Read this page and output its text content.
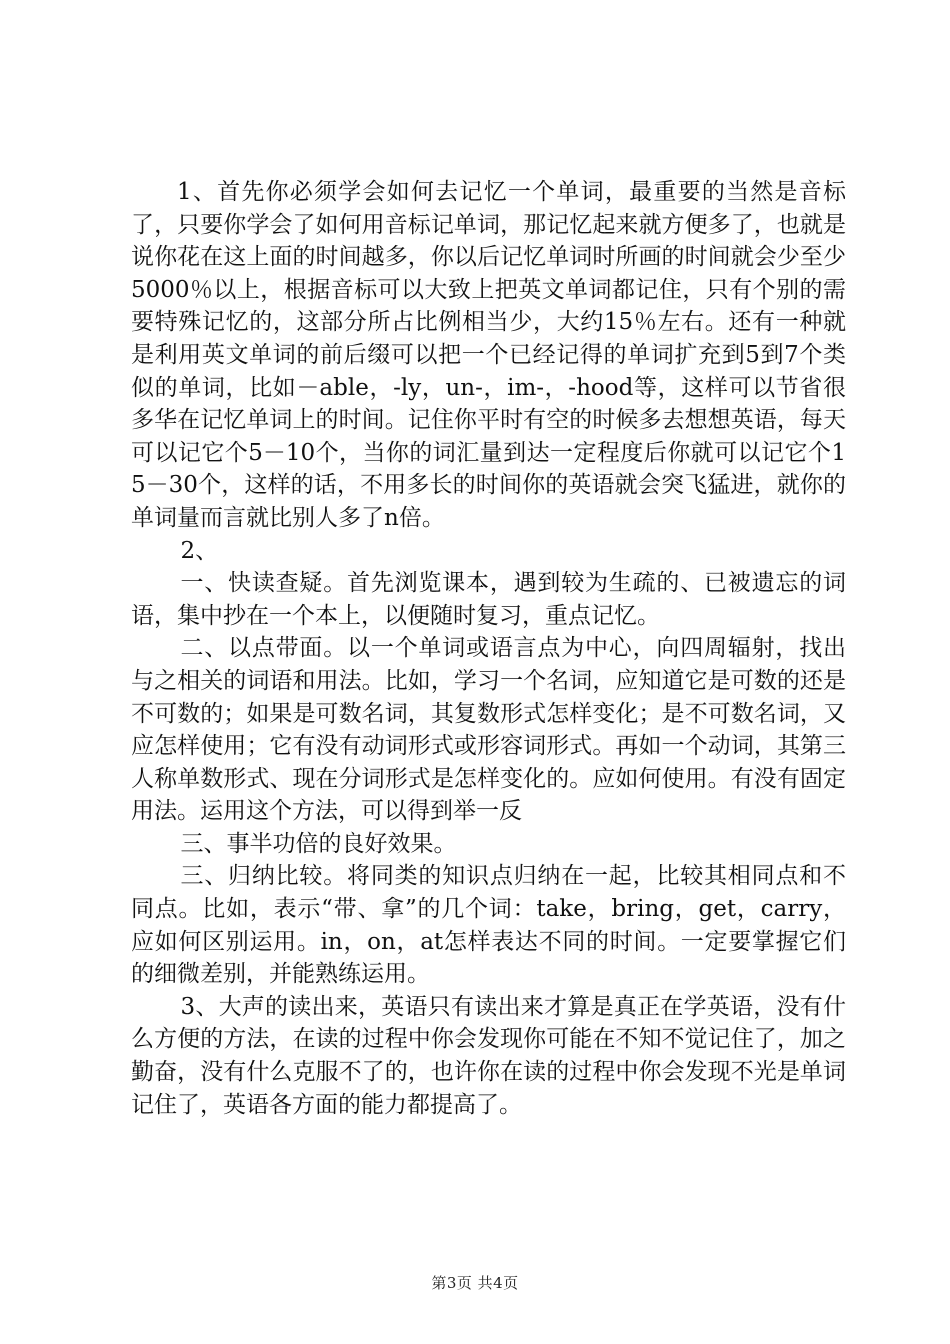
1、首先你必须学会如何去记忆一个单词，最重要的当然是音标了，只要你学会了如何用音标记单词，那记忆起来就方便多了，也就是说你花在这上面的时间越多，你以后记忆单词时所画的时间就会少至少5000％以上，根据音标可以大致上把英文单词都记住，只有个别的需要特殊记忆的，这部分所占比例相当少，大约15％左右。还有一种就是利用英文单词的前后缀可以把一个已经记得的单词扩充到5到7个类似的单词，比如－able，-ly，un-，im-，-hood等，这样可以节省很多华在记忆单词上的时间。记住你平时有空的时候多去想想英语，每天可以记它个5－10个，当你的词汇量到达一定程度后你就可以记它个15－30个，这样的话，不用多长的时间你的英语就会突飞猛进，就你的单词量而言就比别人多了n倍。

2、

一、快读查疑。首先浏览课本，遇到较为生疏的、已被遗忘的词语，集中抄在一个本上，以便随时复习，重点记忆。

二、以点带面。以一个单词或语言点为中心，向四周辐射，找出与之相关的词语和用法。比如，学习一个名词，应知道它是可数的还是不可数的；如果是可数名词，其复数形式怎样变化；是不可数名词，又应怎样使用；它有没有动词形式或形容词形式。再如一个动词，其第三人称单数形式、现在分词形式是怎样变化的。应如何使用。有没有固定用法。运用这个方法，可以得到举一反

三、事半功倍的良好效果。

三、归纳比较。将同类的知识点归纳在一起，比较其相同点和不同点。比如，表示“带、拿”的几个词：take，bring，get，carry，应如何区别运用。in，on，at怎样表达不同的时间。一定要掌握它们的细微差别，并能熟练运用。

3、大声的读出来，英语只有读出来才算是真正在学英语，没有什么方便的方法，在读的过程中你会发现你可能在不知不觉记住了，加之勤奋，没有什么克服不了的，也许你在读的过程中你会发现不光是单词记住了，英语各方面的能力都提高了。

第3页 共4页
